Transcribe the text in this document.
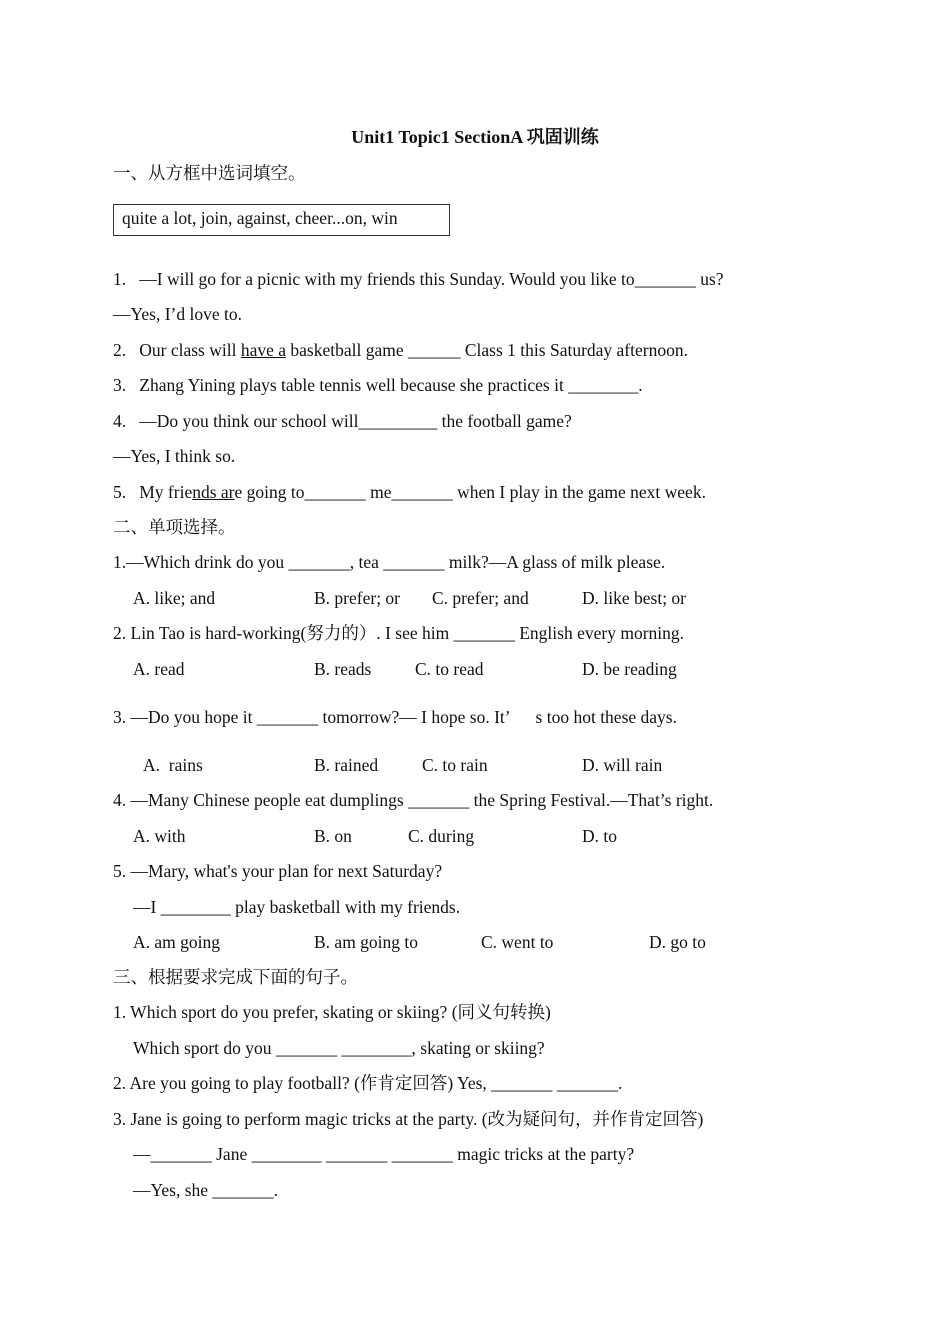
Unit1 Topic1 SectionA 巩固训练
一、从方框中选词填空。
quite a lot, join, against, cheer...on, win
1.   —I will go for a picnic with my friends this Sunday. Would you like to_______ us?
—Yes, I’d love to.
2.   Our class will have a basketball game ______ Class 1 this Saturday afternoon.
3.   Zhang Yining plays table tennis well because she practices it ________.
4.   —Do you think our school will_________ the football game?
—Yes, I think so.
5.   My friends are going to_______ me_______ when I play in the game next week.
二、单项选择。
1.—Which drink do you _______, tea _______ milk?—A glass of milk please.
A. like; and	B. prefer; or C. prefer; and	D. like best; or
2. Lin Tao is hard-working(努力的）. I see him _______ English every morning.
A. read	B. reads C. to read	D. be reading
3. —Do you hope it _______ tomorrow?— I hope so. It’      s too hot these days.
A.  rains	B. rained	C. to rain	D. will rain
4. —Many Chinese people eat dumplings _______ the Spring Festival.—That’s right.
A. with	B. on	C. during	D. to
5. —Mary, what's your plan for next Saturday?
—I ________ play basketball with my friends.
A. am going	B. am going to	C. went to	D. go to
三、根据要求完成下面的句子。
1. Which sport do you prefer, skating or skiing? (同义句转换)
Which sport do you _______ ________, skating or skiing?
2. Are you going to play football? (作肯定回答) Yes, _______ _______.
3. Jane is going to perform magic tricks at the party. (改为疑问句，并作肯定回答)
—_______ Jane ________ _______ _______ magic tricks at the party?
—Yes, she _______.
